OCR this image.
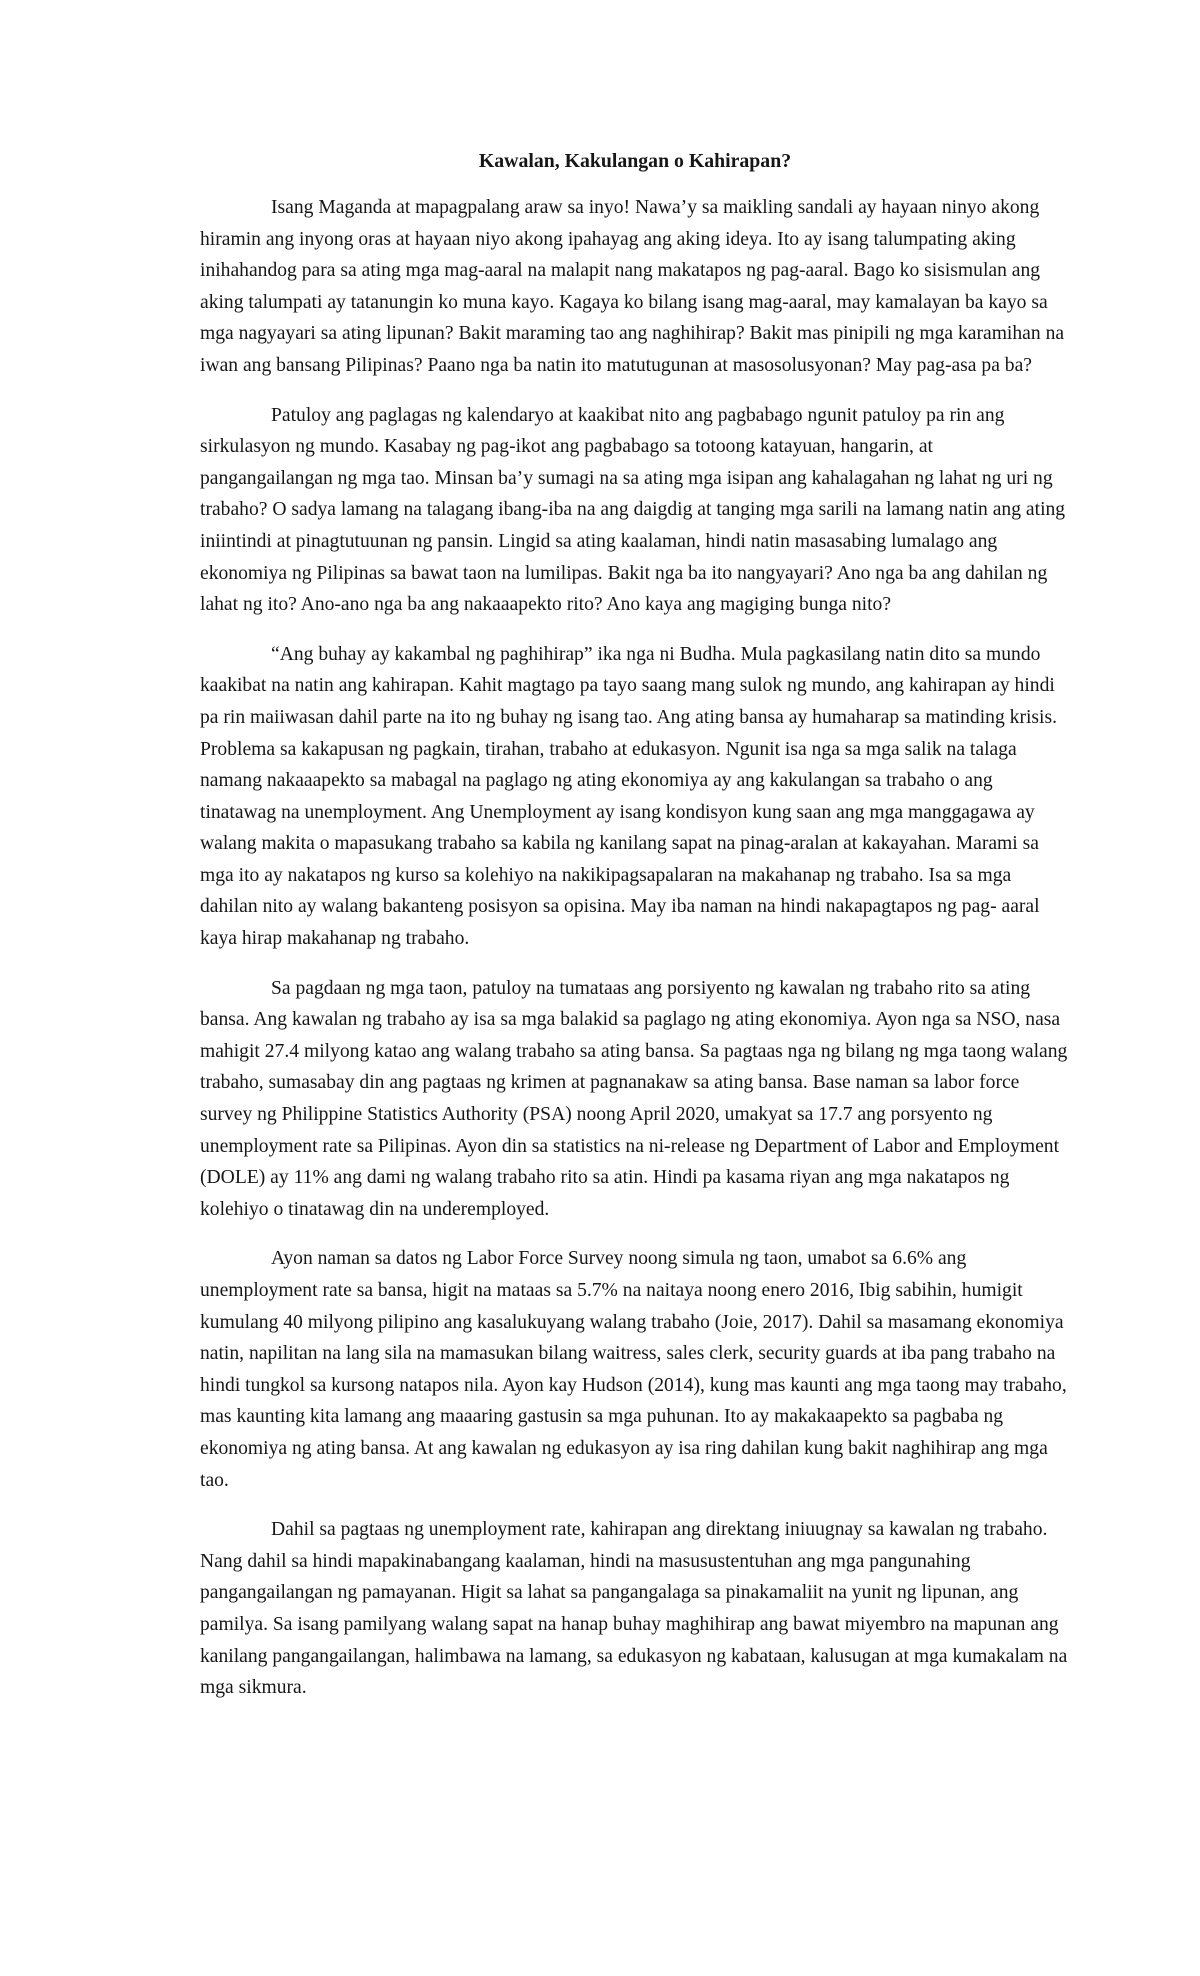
Kawalan, Kakulangan o Kahirapan?

Isang Maganda at mapagpalang araw sa inyo! Nawa’y sa maikling sandali ay hayaan ninyo akong hiramin ang inyong oras at hayaan niyo akong ipahayag ang aking ideya. Ito ay isang talumpating aking inihahandog para sa ating mga mag-aaral na malapit nang makatapos ng pag-aaral. Bago ko sisismulan ang aking talumpati ay tatanungin ko muna kayo. Kagaya ko bilang isang mag-aaral, may kamalayan ba kayo sa mga nagyayari sa ating lipunan? Bakit maraming tao ang naghihirap? Bakit mas pinipili ng mga karamihan na iwan ang bansang Pilipinas? Paano nga ba natin ito matutugunan at masosolusyonan? May pag-asa pa ba?

Patuloy ang paglagas ng kalendaryo at kaakibat nito ang pagbabago ngunit patuloy pa rin ang sirkulasyon ng mundo. Kasabay ng pag-ikot ang pagbabago sa totoong katayuan, hangarin, at pangangailangan ng mga tao. Minsan ba’y sumagi na sa ating mga isipan ang kahalagahan ng lahat ng uri ng trabaho? O sadya lamang na talagang ibang-iba na ang daigdig at tanging mga sarili na lamang natin ang ating iniintindi at pinagtutuunan ng pansin. Lingid sa ating kaalaman, hindi natin masasabing lumalago ang ekonomiya ng Pilipinas sa bawat taon na lumilipas. Bakit nga ba ito nangyayari? Ano nga ba ang dahilan ng lahat ng ito? Ano-ano nga ba ang nakaaapekto rito? Ano kaya ang magiging bunga nito?

“Ang buhay ay kakambal ng paghihirap” ika nga ni Budha. Mula pagkasilang natin dito sa mundo kaakibat na natin ang kahirapan. Kahit magtago pa tayo saang mang sulok ng mundo, ang kahirapan ay hindi pa rin maiiwasan dahil parte na ito ng buhay ng isang tao. Ang ating bansa ay humaharap sa matinding krisis. Problema sa kakapusan ng pagkain, tirahan, trabaho at edukasyon. Ngunit isa nga sa mga salik na talaga namang nakaaapekto sa mabagal na paglago ng ating ekonomiya ay ang kakulangan sa trabaho o ang tinatawag na unemployment. Ang Unemployment ay isang kondisyon kung saan ang mga manggagawa ay walang makita o mapasukang trabaho sa kabila ng kanilang sapat na pinag-aralan at kakayahan. Marami sa mga ito ay nakatapos ng kurso sa kolehiyo na nakikipagsapalaran na makahanap ng trabaho. Isa sa mga dahilan nito ay walang bakanteng posisyon sa opisina. May iba naman na hindi nakapagtapos ng pag- aaral kaya hirap makahanap ng trabaho.

Sa pagdaan ng mga taon, patuloy na tumataas ang porsiyento ng kawalan ng trabaho rito sa ating bansa. Ang kawalan ng trabaho ay isa sa mga balakid sa paglago ng ating ekonomiya. Ayon nga sa NSO, nasa mahigit 27.4 milyong katao ang walang trabaho sa ating bansa. Sa pagtaas nga ng bilang ng mga taong walang trabaho, sumasabay din ang pagtaas ng krimen at pagnanakaw sa ating bansa. Base naman sa labor force survey ng Philippine Statistics Authority (PSA) noong April 2020, umakyat sa 17.7 ang porsyento ng unemployment rate sa Pilipinas. Ayon din sa statistics na ni-release ng Department of Labor and Employment (DOLE) ay 11% ang dami ng walang trabaho rito sa atin. Hindi pa kasama riyan ang mga nakatapos ng kolehiyo o tinatawag din na underemployed.

Ayon naman sa datos ng Labor Force Survey noong simula ng taon, umabot sa 6.6% ang unemployment rate sa bansa, higit na mataas sa 5.7% na naitaya noong enero 2016, Ibig sabihin, humigit kumulang 40 milyong pilipino ang kasalukuyang walang trabaho (Joie, 2017). Dahil sa masamang ekonomiya natin, napilitan na lang sila na mamasukan bilang waitress, sales clerk, security guards at iba pang trabaho na hindi tungkol sa kursong natapos nila. Ayon kay Hudson (2014), kung mas kaunti ang mga taong may trabaho, mas kaunting kita lamang ang maaaring gastusin sa mga puhunan. Ito ay makakaapekto sa pagbaba ng ekonomiya ng ating bansa. At ang kawalan ng edukasyon ay isa ring dahilan kung bakit naghihirap ang mga tao.

Dahil sa pagtaas ng unemployment rate, kahirapan ang direktang iniuugnay sa kawalan ng trabaho. Nang dahil sa hindi mapakinabangang kaalaman, hindi na masusustentuhan ang mga pangunahing pangangailangan ng pamayanan. Higit sa lahat sa pangangalaga sa pinakamaliit na yunit ng lipunan, ang pamilya. Sa isang pamilyang walang sapat na hanap buhay maghihirap ang bawat miyembro na mapunan ang kanilang pangangailangan, halimbawa na lamang, sa edukasyon ng kabataan, kalusugan at mga kumakalam na mga sikmura.
